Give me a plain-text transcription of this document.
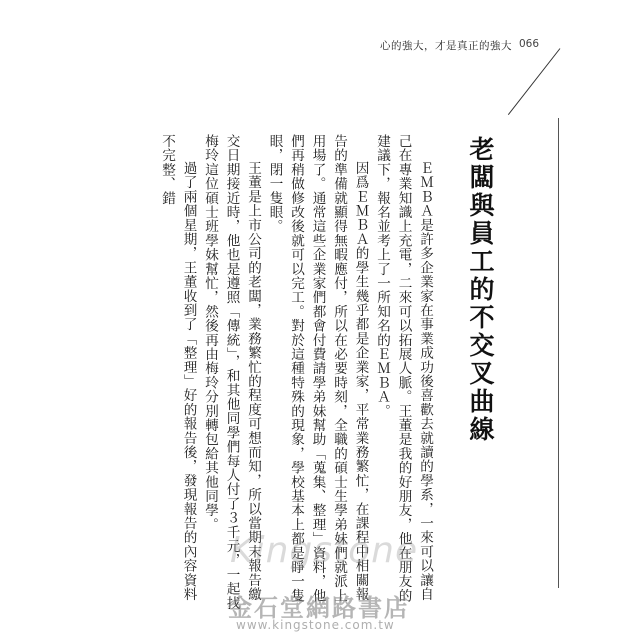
心的強大，才是真正的強大 066
老闆與員工的不交叉曲線

ＥＭＢＡ是許多企業家在事業成功後喜歡去就讀的學系，一來可以讓自己在專業知識上充電，二來可以拓展人脈。王董是我的好朋友，他在朋友的建議下，報名並考上了一所知名的ＥＭＢＡ。

因爲ＥＭＢＡ的學生幾乎都是企業家，平常業務繁忙，在課程中相關報告的準備就顯得無暇應付，所以在必要時刻，全職的碩士生學弟妹們就派上用場了。通常這些企業家們都會付費請學弟妹幫助「蒐集、整理」資料，他們再稍做修改後就可以完工。對於這種特殊的現象，學校基本上都是睜一隻眼，閉一隻眼。

王董是上市公司的老闆，業務繁忙的程度可想而知，所以當期末報告繳交日期接近時，他也是遵照「傳統」，和其他同學們每人付了３千元，一起找梅玲這位碩士班學妹幫忙，然後再由梅玲分別轉包給其他同學。

過了兩個星期，王董收到了「整理」好的報告後，發現報告的內容資料不完整、錯

Kingstone
金石堂網路書店
www.kingstone.com.tw
